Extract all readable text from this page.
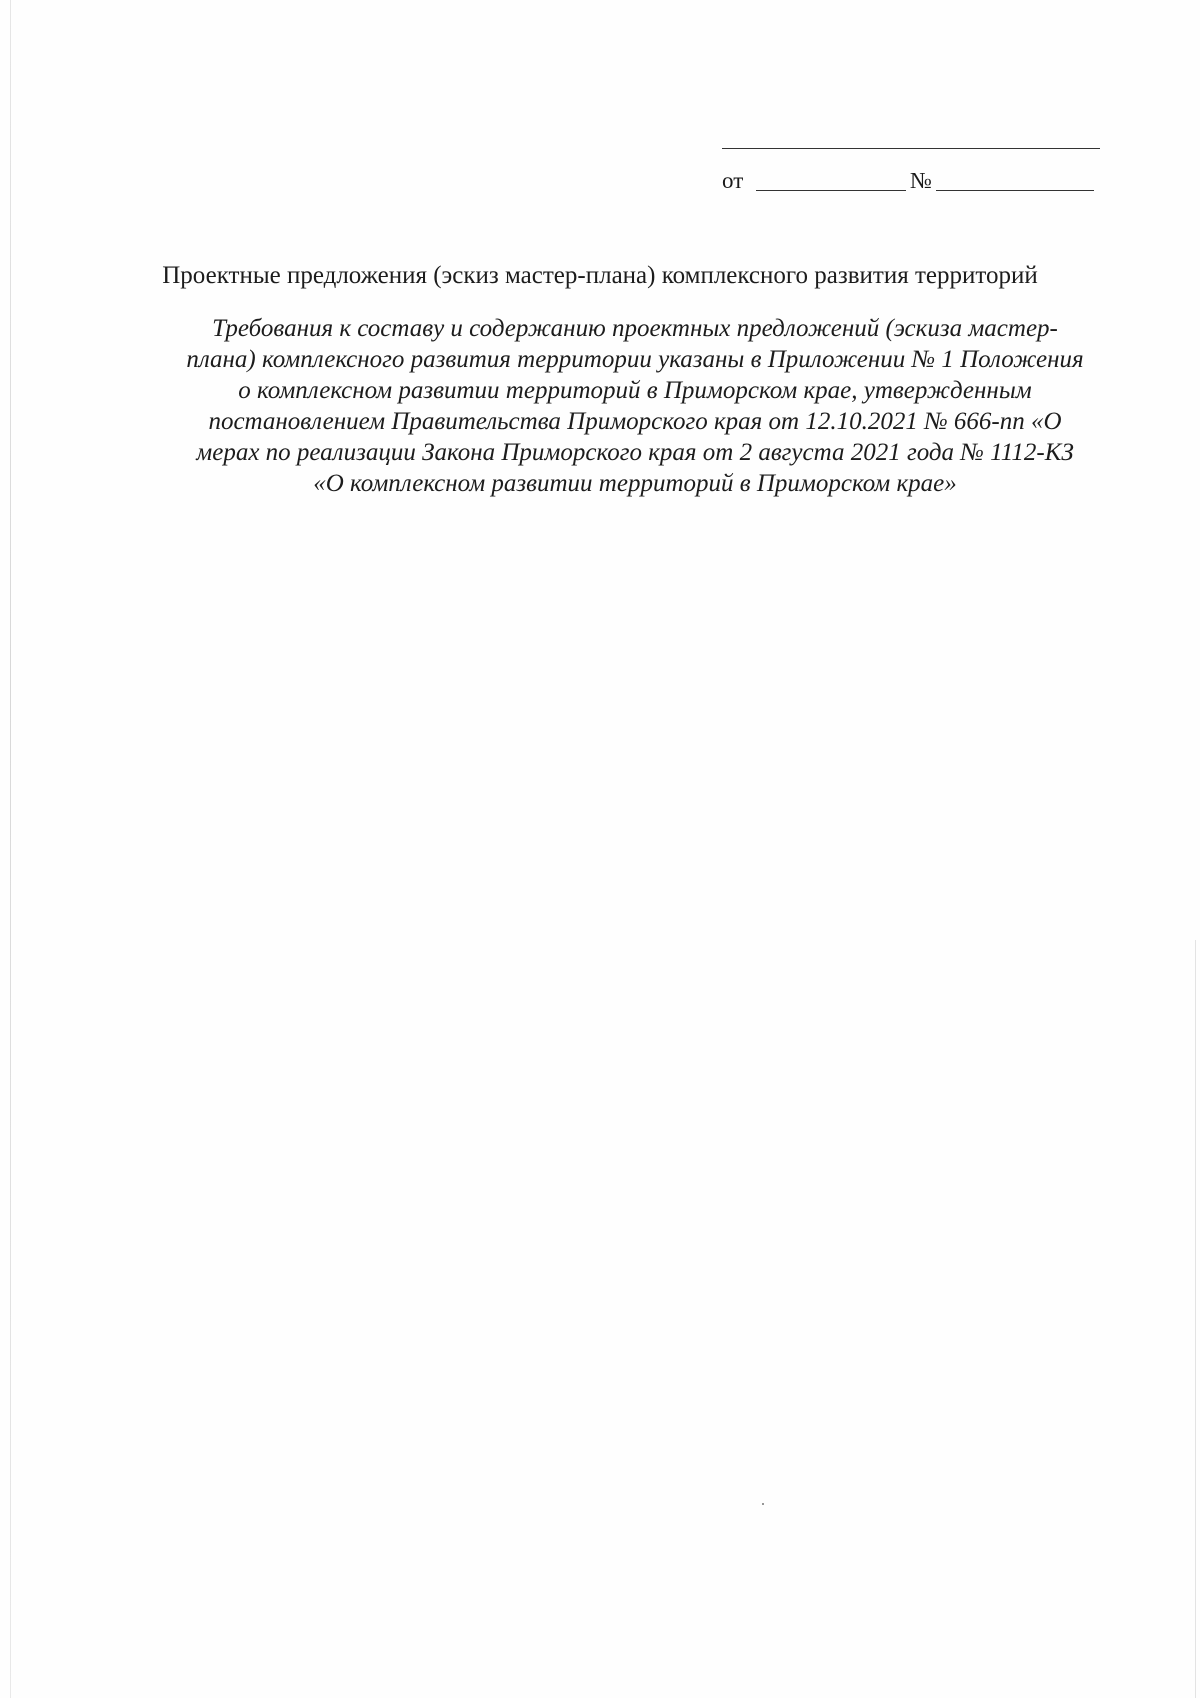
от	№
Проектные предложения (эскиз мастер-плана) комплексного развития территорий
Требования к составу и содержанию проектных предложений (эскиза мастер-
плана) комплексного развития территории указаны в Приложении № 1 Положения
о комплексном развитии территорий в Приморском крае, утвержденным
постановлением Правительства Приморского края от 12.10.2021 № 666-пп «О
мерах по реализации Закона Приморского края от 2 августа 2021 года № 1112-КЗ
«О комплексном развитии территорий в Приморском крае»
